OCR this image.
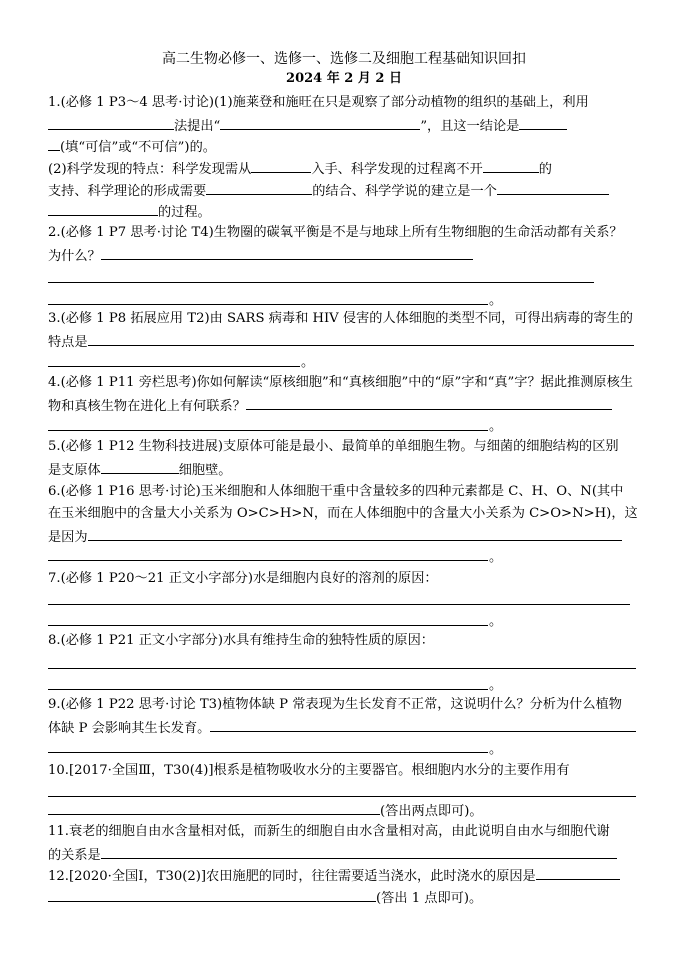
高二生物必修一、选修一、选修二及细胞工程基础知识回扣
2024 年 2 月 2 日
1.(必修 1 P3～4 思考·讨论)(1)施莱登和施旺在只是观察了部分动植物的组织的基础上，利用
法提出“	”，且这一结论是
(填“可信”或“不可信”)的。
(2)科学发现的特点：科学发现需从	入手、科学发现的过程离不开	的
支持、科学理论的形成需要	的结合、科学学说的建立是一个
的过程。
2.(必修 1 P7 思考·讨论 T4)生物圈的碳氧平衡是不是与地球上所有生物细胞的生命活动都有关系？
为什么？
。
3.(必修 1 P8 拓展应用 T2)由 SARS 病毒和 HIV 侵害的人体细胞的类型不同，可得出病毒的寄生的
特点是
。
4.(必修 1 P11 旁栏思考)你如何解读“原核细胞”和“真核细胞”中的“原”字和“真”字？据此推测原核生
物和真核生物在进化上有何联系？
。
5.(必修 1 P12 生物科技进展)支原体可能是最小、最简单的单细胞生物。与细菌的细胞结构的区别
是支原体	细胞壁。
6.(必修 1 P16 思考·讨论)玉米细胞和人体细胞干重中含量较多的四种元素都是 C、H、O、N(其中
在玉米细胞中的含量大小关系为 O>C>H>N，而在人体细胞中的含量大小关系为 C>O>N>H)，这
是因为
。
7.(必修 1 P20～21 正文小字部分)水是细胞内良好的溶剂的原因：
。
8.(必修 1 P21 正文小字部分)水具有维持生命的独特性质的原因：
。
9.(必修 1 P22 思考·讨论 T3)植物体缺 P 常表现为生长发育不正常，这说明什么？分析为什么植物
体缺 P 会影响其生长发育。
。
10.[2017·全国Ⅲ，T30(4)]根系是植物吸收水分的主要器官。根细胞内水分的主要作用有
(答出两点即可)。
11.衰老的细胞自由水含量相对低，而新生的细胞自由水含量相对高，由此说明自由水与细胞代谢
的关系是
12.[2020·全国Ⅰ，T30(2)]农田施肥的同时，往往需要适当浇水，此时浇水的原因是
(答出 1 点即可)。
